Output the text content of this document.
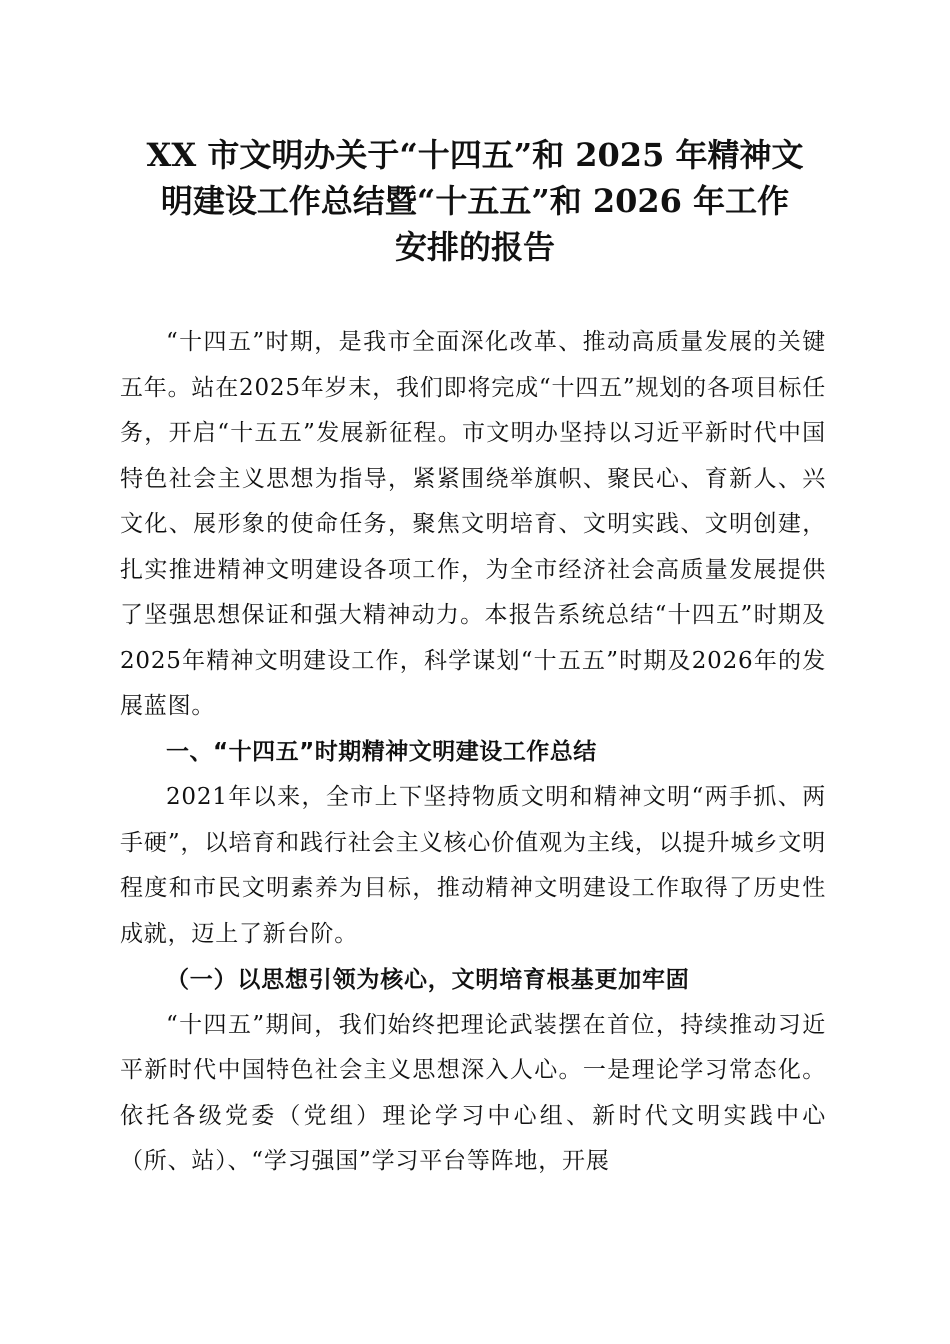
XX 市文明办关于“十四五”和 2025 年精神文
明建设工作总结暨“十五五”和 2026 年工作
安排的报告

“十四五”时期，是我市全面深化改革、推动高质量发展的关键五年。站在2025年岁末，我们即将完成“十四五”规划的各项目标任务，开启“十五五”发展新征程。市文明办坚持以习近平新时代中国特色社会主义思想为指导，紧紧围绕举旗帜、聚民心、育新人、兴文化、展形象的使命任务，聚焦文明培育、文明实践、文明创建，扎实推进精神文明建设各项工作，为全市经济社会高质量发展提供了坚强思想保证和强大精神动力。本报告系统总结“十四五”时期及2025年精神文明建设工作，科学谋划“十五五”时期及2026年的发展蓝图。

一、“十四五”时期精神文明建设工作总结

2021年以来，全市上下坚持物质文明和精神文明“两手抓、两手硬”，以培育和践行社会主义核心价值观为主线，以提升城乡文明程度和市民文明素养为目标，推动精神文明建设工作取得了历史性成就，迈上了新台阶。

（一）以思想引领为核心，文明培育根基更加牢固

“十四五”期间，我们始终把理论武装摆在首位，持续推动习近平新时代中国特色社会主义思想深入人心。一是理论学习常态化。依托各级党委（党组）理论学习中心组、新时代文明实践中心（所、站）、“学习强国”学习平台等阵地，开展
